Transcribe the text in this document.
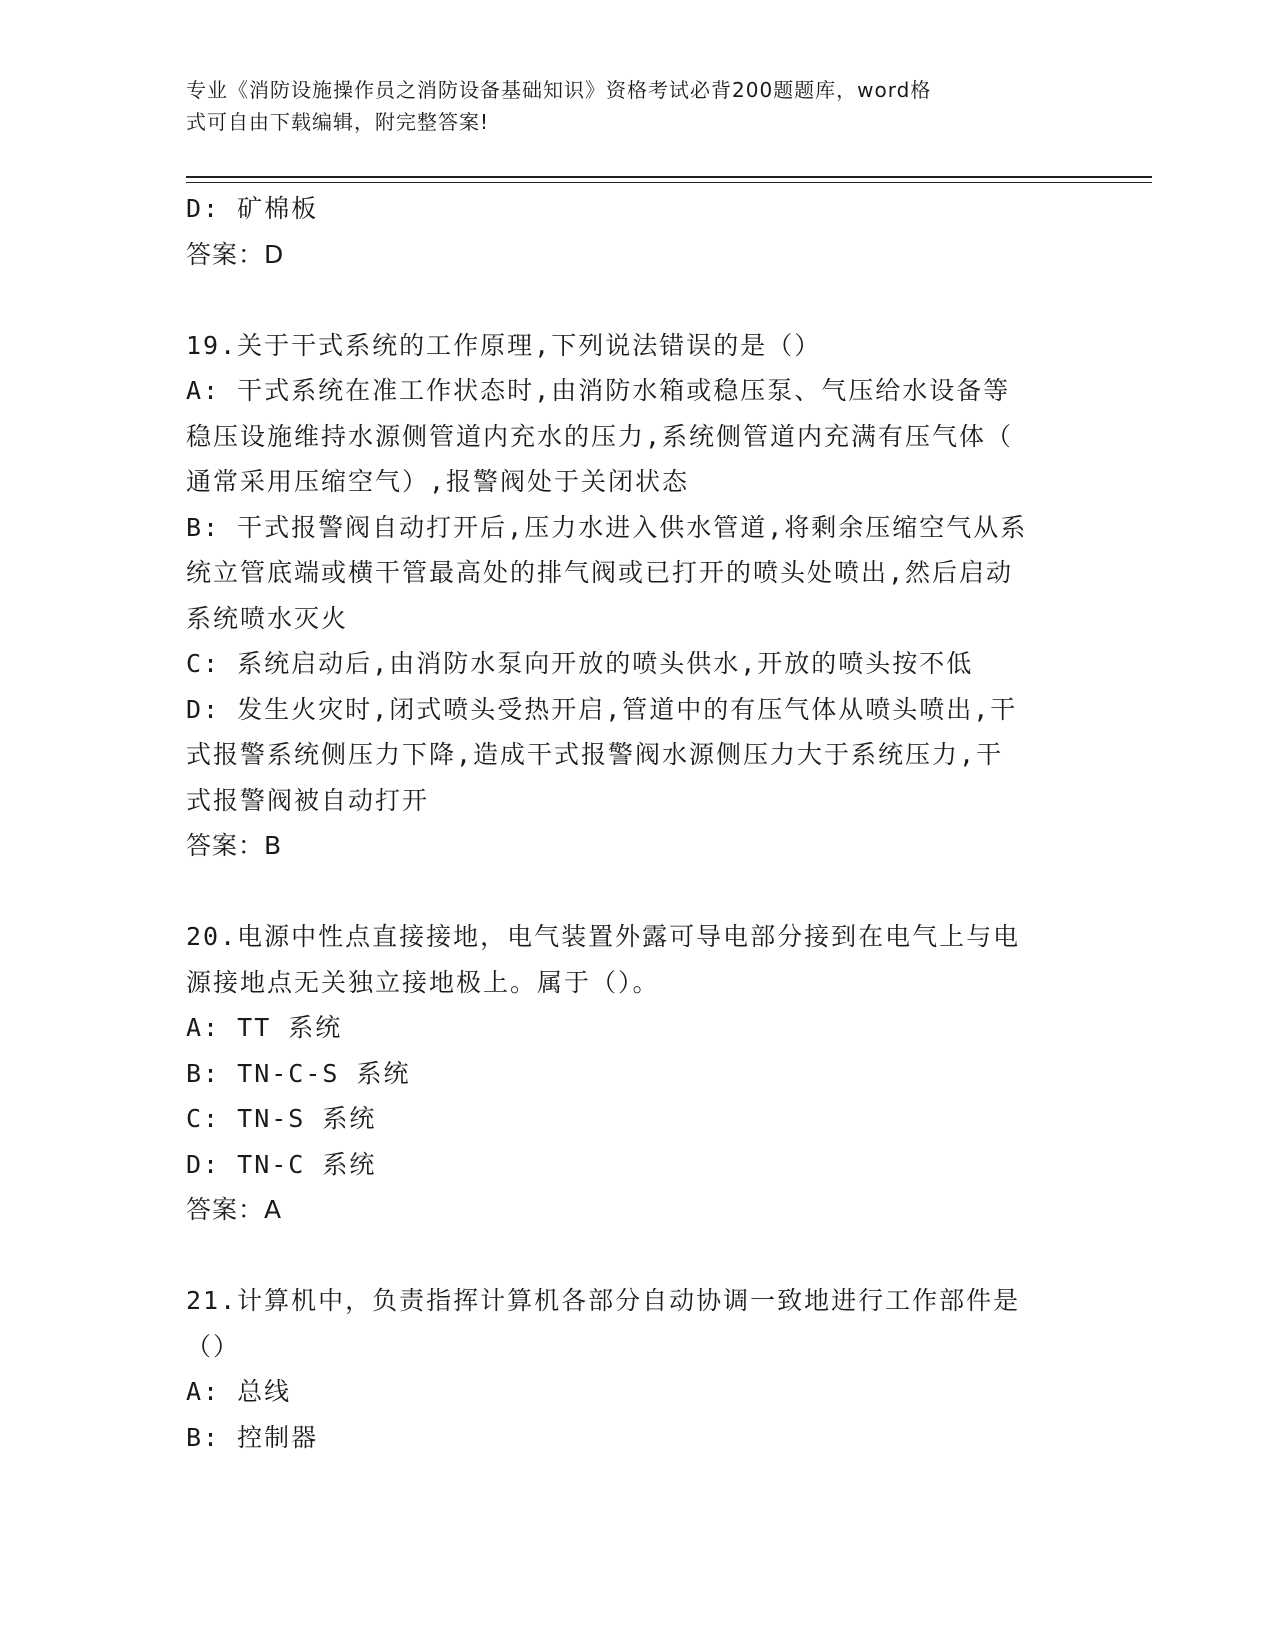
专业《消防设施操作员之消防设备基础知识》资格考试必背200题题库，word格
式可自由下载编辑，附完整答案!
D: 矿棉板
答案：D
19.关于干式系统的工作原理,下列说法错误的是（）
A: 干式系统在准工作状态时,由消防水箱或稳压泵、气压给水设备等
稳压设施维持水源侧管道内充水的压力,系统侧管道内充满有压气体（
通常采用压缩空气）,报警阀处于关闭状态
B: 干式报警阀自动打开后,压力水进入供水管道,将剩余压缩空气从系
统立管底端或横干管最高处的排气阀或已打开的喷头处喷出,然后启动
系统喷水灭火
C: 系统启动后,由消防水泵向开放的喷头供水,开放的喷头按不低
D: 发生火灾时,闭式喷头受热开启,管道中的有压气体从喷头喷出,干
式报警系统侧压力下降,造成干式报警阀水源侧压力大于系统压力,干
式报警阀被自动打开
答案：B
20.电源中性点直接接地，电气装置外露可导电部分接到在电气上与电
源接地点无关独立接地极上。属于（）。
A: TT 系统
B: TN-C-S 系统
C: TN-S 系统
D: TN-C 系统
答案：A
21.计算机中，负责指挥计算机各部分自动协调一致地进行工作部件是
（）
A: 总线
B: 控制器
